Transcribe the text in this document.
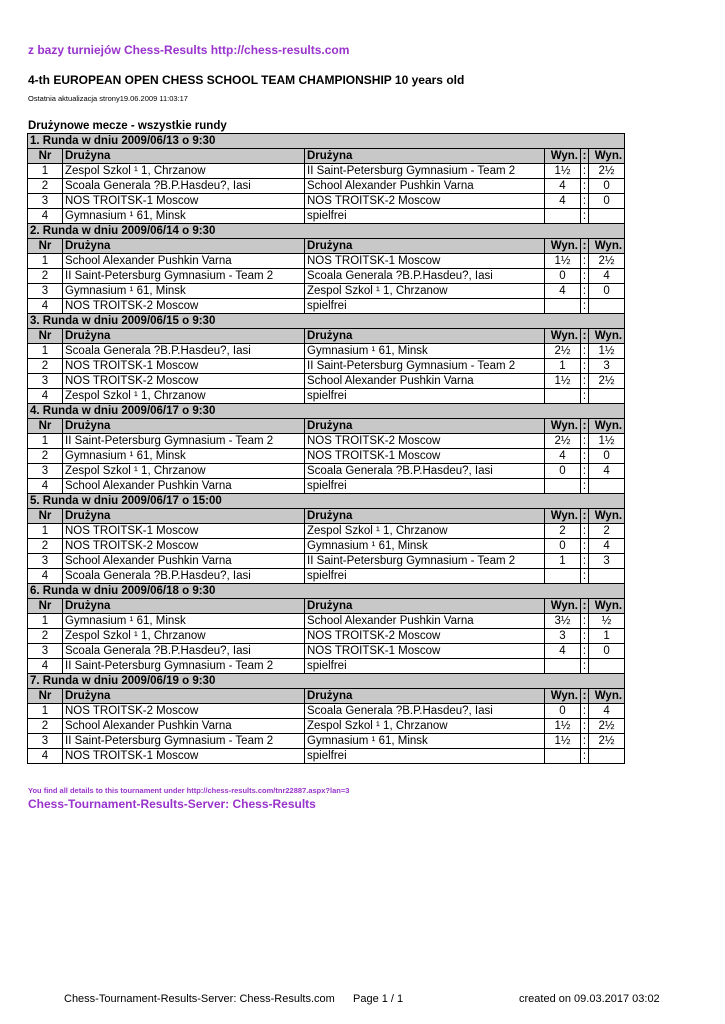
z bazy turniejów Chess-Results http://chess-results.com
4-th EUROPEAN OPEN CHESS SCHOOL TEAM CHAMPIONSHIP 10 years old
Ostatnia aktualizacja strony19.06.2009 11:03:17
Drużynowe mecze - wszystkie rundy
1. Runda w dniu 2009/06/13 o 9:30					
Nr	Drużyna	Drużyna	Wyn.	:	Wyn.
1	Zespol Szkol ¹ 1, Chrzanow	II Saint-Petersburg Gymnasium - Team 2	1½	:	2½
2	Scoala Generala ?B.P.Hasdeu?, Iasi	School Alexander Pushkin Varna	4	:	0
3	NOS TROITSK-1 Moscow	NOS TROITSK-2 Moscow	4	:	0
4	Gymnasium ¹ 61, Minsk	spielfrei		:	
2. Runda w dniu 2009/06/14 o 9:30					
Nr	Drużyna	Drużyna	Wyn.	:	Wyn.
1	School Alexander Pushkin Varna	NOS TROITSK-1 Moscow	1½	:	2½
2	II Saint-Petersburg Gymnasium - Team 2	Scoala Generala ?B.P.Hasdeu?, Iasi	0	:	4
3	Gymnasium ¹ 61, Minsk	Zespol Szkol ¹ 1, Chrzanow	4	:	0
4	NOS TROITSK-2 Moscow	spielfrei		:	
3. Runda w dniu 2009/06/15 o 9:30					
Nr	Drużyna	Drużyna	Wyn.	:	Wyn.
1	Scoala Generala ?B.P.Hasdeu?, Iasi	Gymnasium ¹ 61, Minsk	2½	:	1½
2	NOS TROITSK-1 Moscow	II Saint-Petersburg Gymnasium - Team 2	1	:	3
3	NOS TROITSK-2 Moscow	School Alexander Pushkin Varna	1½	:	2½
4	Zespol Szkol ¹ 1, Chrzanow	spielfrei		:	
4. Runda w dniu 2009/06/17 o 9:30					
Nr	Drużyna	Drużyna	Wyn.	:	Wyn.
1	II Saint-Petersburg Gymnasium - Team 2	NOS TROITSK-2 Moscow	2½	:	1½
2	Gymnasium ¹ 61, Minsk	NOS TROITSK-1 Moscow	4	:	0
3	Zespol Szkol ¹ 1, Chrzanow	Scoala Generala ?B.P.Hasdeu?, Iasi	0	:	4
4	School Alexander Pushkin Varna	spielfrei		:	
5. Runda w dniu 2009/06/17 o 15:00					
Nr	Drużyna	Drużyna	Wyn.	:	Wyn.
1	NOS TROITSK-1 Moscow	Zespol Szkol ¹ 1, Chrzanow	2	:	2
2	NOS TROITSK-2 Moscow	Gymnasium ¹ 61, Minsk	0	:	4
3	School Alexander Pushkin Varna	II Saint-Petersburg Gymnasium - Team 2	1	:	3
4	Scoala Generala ?B.P.Hasdeu?, Iasi	spielfrei		:	
6. Runda w dniu 2009/06/18 o 9:30					
Nr	Drużyna	Drużyna	Wyn.	:	Wyn.
1	Gymnasium ¹ 61, Minsk	School Alexander Pushkin Varna	3½	:	½
2	Zespol Szkol ¹ 1, Chrzanow	NOS TROITSK-2 Moscow	3	:	1
3	Scoala Generala ?B.P.Hasdeu?, Iasi	NOS TROITSK-1 Moscow	4	:	0
4	II Saint-Petersburg Gymnasium - Team 2	spielfrei		:	
7. Runda w dniu 2009/06/19 o 9:30					
Nr	Drużyna	Drużyna	Wyn.	:	Wyn.
1	NOS TROITSK-2 Moscow	Scoala Generala ?B.P.Hasdeu?, Iasi	0	:	4
2	School Alexander Pushkin Varna	Zespol Szkol ¹ 1, Chrzanow	1½	:	2½
3	II Saint-Petersburg Gymnasium - Team 2	Gymnasium ¹ 61, Minsk	1½	:	2½
4	NOS TROITSK-1 Moscow	spielfrei		:	
You find all details to this tournament under http://chess-results.com/tnr22887.aspx?lan=3
Chess-Tournament-Results-Server: Chess-Results
Chess-Tournament-Results-Server: Chess-Results.com Page 1 / 1	created on 09.03.2017 03:02
